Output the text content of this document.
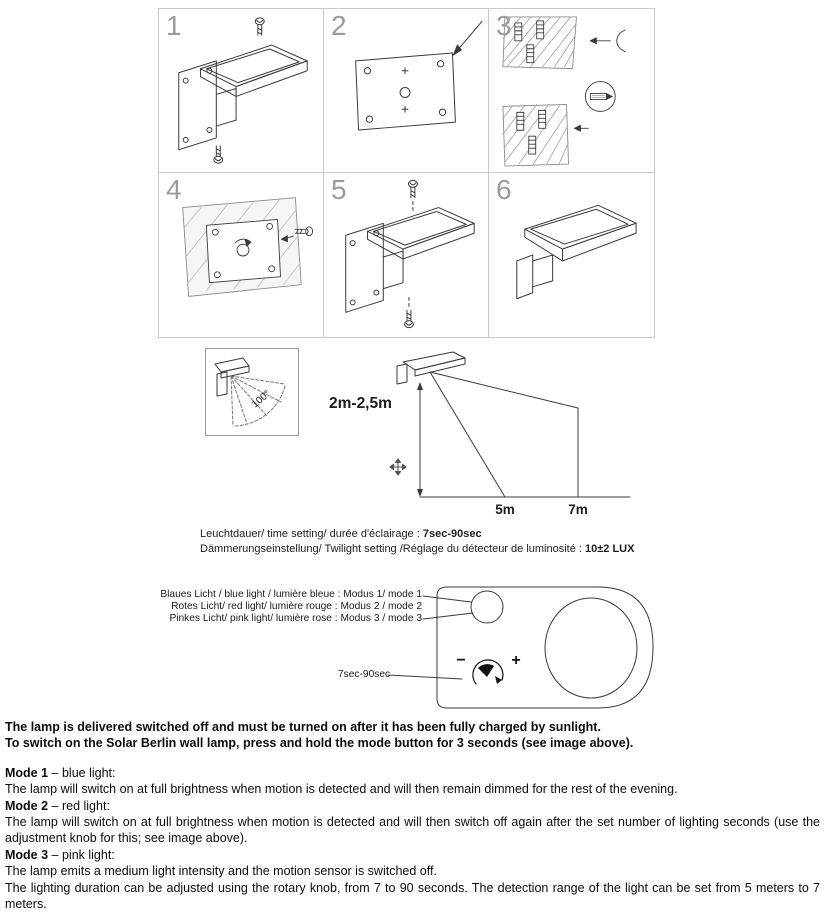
1	2	3
4	5	6
100°	2m-2,5m
5m	7m
Leuchtdauer/ time setting/ durée d'éclairage : 7sec-90sec
Dämmerungseinstellung/ Twilight setting /Réglage du détecteur de luminosité : 10±2 LUX
Blaues Licht / blue light / lumière bleue : Modus 1/ mode 1
Rotes Licht/ red light/ lumière rouge : Modus 2 / mode 2
Pinkes Licht/ pink light/ lumière rose : Modus 3 / mode 3
−	+
7sec-90sec

The lamp is delivered switched off and must be turned on after it has been fully charged by sunlight.

To switch on the Solar Berlin wall lamp, press and hold the mode button for 3 seconds (see image above).

Mode 1 – blue light:

The lamp will switch on at full brightness when motion is detected and will then remain dimmed for the rest of the evening.

Mode 2 – red light:

The lamp will switch on at full brightness when motion is detected and will then switch off again after the set number of lighting seconds (use the adjustment knob for this; see image above).

Mode 3 – pink light:

The lamp emits a medium light intensity and the motion sensor is switched off.

The lighting duration can be adjusted using the rotary knob, from 7 to 90 seconds. The detection range of the light can be set from 5 meters to 7 meters.
